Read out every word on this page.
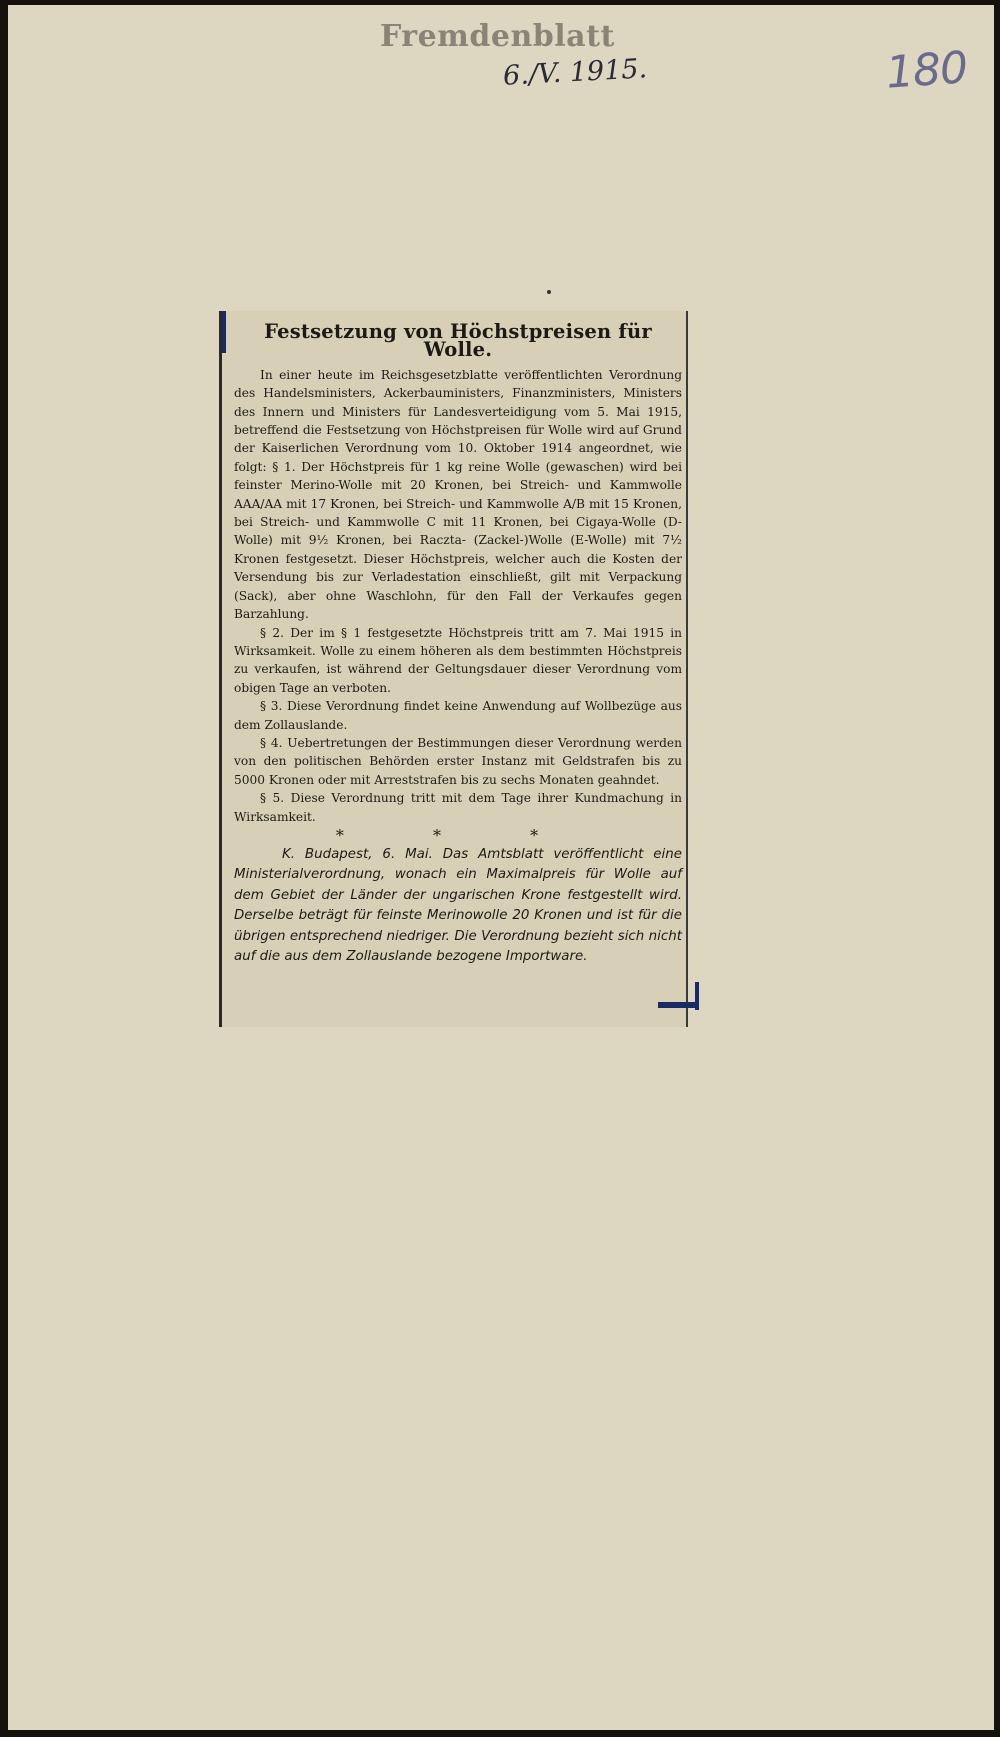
Fremdenblatt
6./V. 1915.	180
Festsetzung von Höchstpreisen für Wolle.

In einer heute im Reichsgesetzblatte veröffentlichten Verordnung des Handelsministers, Ackerbauministers, Finanzministers, Ministers des Innern und Ministers für Landesverteidigung vom 5. Mai 1915, betreffend die Festsetzung von Höchstpreisen für Wolle wird auf Grund der Kaiserlichen Verordnung vom 10. Oktober 1914 angeordnet, wie folgt: § 1. Der Höchstpreis für 1 kg reine Wolle (gewaschen) wird bei feinster Merino-Wolle mit 20 Kronen, bei Streich- und Kammwolle AAA/AA mit 17 Kronen, bei Streich- und Kammwolle A/B mit 15 Kronen, bei Streich- und Kammwolle C mit 11 Kronen, bei Cigaya-Wolle (D-Wolle) mit 9½ Kronen, bei Raczta- (Zackel-)Wolle (E-Wolle) mit 7½ Kronen festgesetzt. Dieser Höchstpreis, welcher auch die Kosten der Versendung bis zur Verladestation einschließt, gilt mit Verpackung (Sack), aber ohne Waschlohn, für den Fall der Verkaufes gegen Barzahlung.

§ 2. Der im § 1 festgesetzte Höchstpreis tritt am 7. Mai 1915 in Wirksamkeit. Wolle zu einem höheren als dem bestimmten Höchstpreis zu verkaufen, ist während der Geltungsdauer dieser Verordnung vom obigen Tage an verboten.

§ 3. Diese Verordnung findet keine Anwendung auf Wollbezüge aus dem Zollauslande.

§ 4. Uebertretungen der Bestimmungen dieser Verordnung werden von den politischen Behörden erster Instanz mit Geldstrafen bis zu 5000 Kronen oder mit Arreststrafen bis zu sechs Monaten geahndet.

§ 5. Diese Verordnung tritt mit dem Tage ihrer Kundmachung in Wirksamkeit.

* * *

K. Budapest, 6. Mai. Das Amtsblatt veröffentlicht eine Ministerialverordnung, wonach ein Maximalpreis für Wolle auf dem Gebiet der Länder der ungarischen Krone festgestellt wird. Derselbe beträgt für feinste Merinowolle 20 Kronen und ist für die übrigen entsprechend niedriger. Die Verordnung bezieht sich nicht auf die aus dem Zollauslande bezogene Importware.
